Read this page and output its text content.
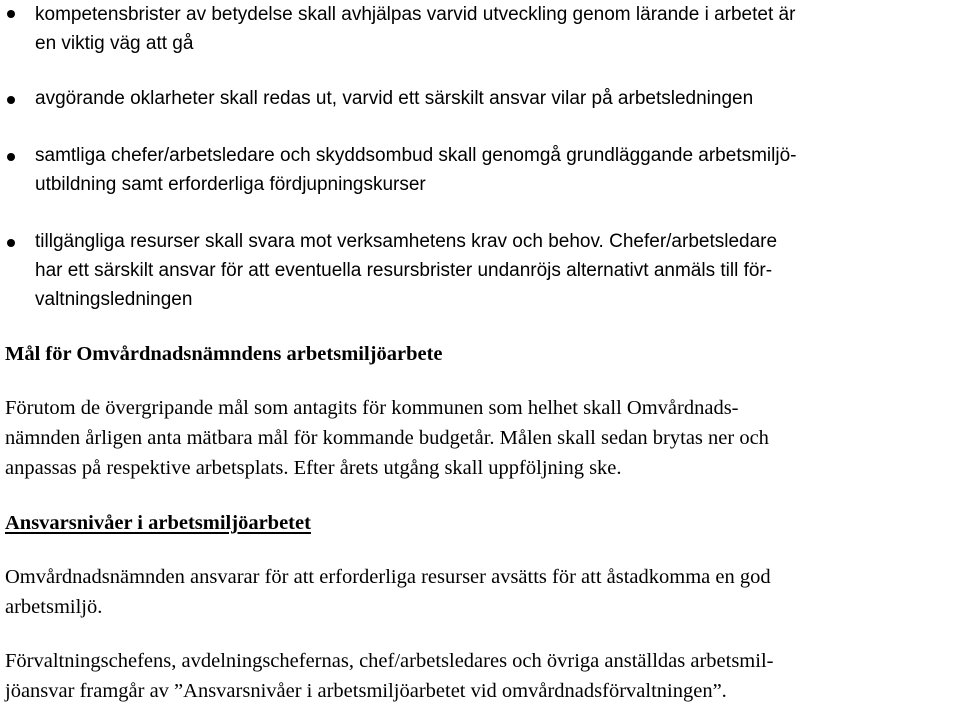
kompetensbrister av betydelse skall avhjälpas varvid utveckling genom lärande i arbetet är
en viktig väg att gå
avgörande oklarheter skall redas ut, varvid ett särskilt ansvar vilar på arbetsledningen
samtliga chefer/arbetsledare och skyddsombud skall genomgå grundläggande arbetsmiljö-
utbildning samt erforderliga fördjupningskurser
tillgängliga resurser skall svara mot verksamhetens krav och behov. Chefer/arbetsledare
har ett särskilt ansvar för att eventuella resursbrister undanröjs alternativt anmäls till för-
valtningsledningen
Mål för Omvårdnadsnämndens arbetsmiljöarbete
Förutom de övergripande mål som antagits för kommunen som helhet skall Omvårdnads-
nämnden årligen anta mätbara mål för kommande budgetår. Målen skall sedan brytas ner och
anpassas på respektive arbetsplats. Efter årets utgång skall uppföljning ske.
Ansvarsnivåer i arbetsmiljöarbetet
Omvårdnadsnämnden ansvarar för att erforderliga resurser avsätts för att åstadkomma en god
arbetsmiljö.
Förvaltningschefens, avdelningschefernas, chef/arbetsledares och övriga anställdas arbetsmil-
jöansvar framgår av ”Ansvarsnivåer i arbetsmiljöarbetet vid omvårdnadsförvaltningen”.
